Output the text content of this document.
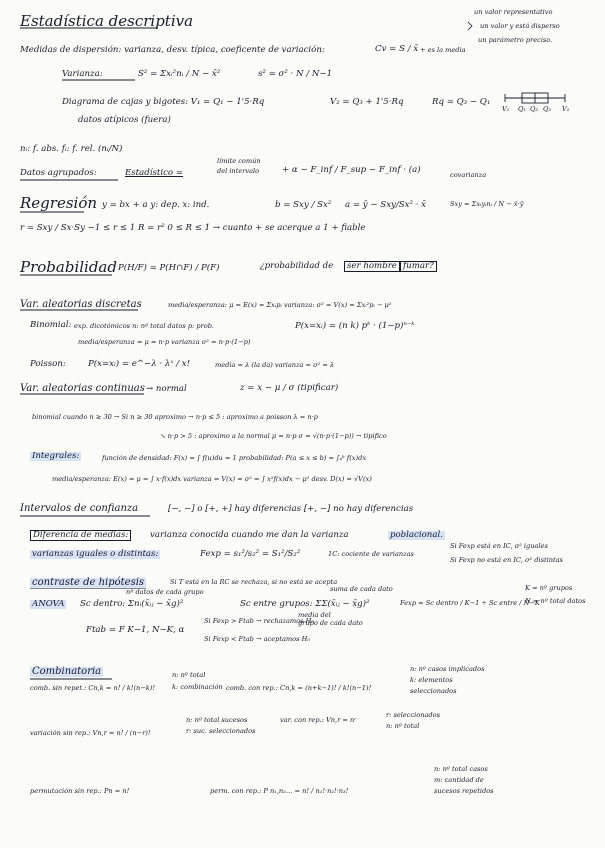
Estadística descriptiva	un valor representativo
un valor y está disperso
un parámetro preciso.
Medidas de dispersión: varianza, desv. típica, coeficente de variación:	Cv = S / x̄ + es la media
Varianza:	S² = Σxᵢ²nᵢ / N − x̄²	s² = σ² · N / N−1
Diagrama de cajas y bigotes: V₁ = Q₁ − 1'5·Rq	V₂ = Q₃ + 1'5·Rq	Rq = Q₃ − Q₁
V₁ Q₁ Q₂ Q₃ V₂
datos atípicos (fuera)
nᵢ: f. abs. fᵢ: f. rel. (nᵢ/N)
Datos agrupados:	Estadístico =
límite común
del intervalo	+ α − F_inf / F_sup − F_inf · (a)
Regresión y = bx + a y: dep. x: ind.	b = Sxy / Sx² a = ȳ − Sxy/Sx² · x̄
covarianza
Sxy = Σxᵢyᵢnᵢ / N − x̄·ȳ
r = Sxy / Sx·Sy −1 ≤ r ≤ 1 R = r² 0 ≤ R ≤ 1 → cuanto + se acerque a 1 + fiable
Probabilidad P(H/F) = P(H∩F) / P(F)	¿probabilidad de	ser hombre fumar?
Var. aleatorias discretas	media/esperanza: μ = E(x) = Σxᵢpᵢ varianza: σ² = V(x) = Σxᵢ²pᵢ − μ²
Binomial: exp. dicotómicos n: nº total datos p: prob.	P(x=xᵢ) = (n k) pᵏ · (1−p)ⁿ⁻ᵏ
media/esperanza = μ = n·p varianza σ² = n·p·(1−p)
Poisson:	P(x=xᵢ) = e^−λ · λˣ / x!	media = λ (la da) varianza = σ² = λ
Var. aleatorias continuas → normal	z = x − μ / σ (tipificar)
binomial cuando n ≥ 30 → Si n ≥ 30 aproximo → n·p ≤ 5 : aproximo a poisson λ = n·p
↘ n·p > 5 : aproximo a la normal μ = n·p σ = √(n·p·(1−p)) → tipifico
Integrales:	función de densidad: F(x) = ∫ f(u)du = 1 probabilidad: P(a ≤ x ≤ b) = ∫ₐᵇ f(x)dx
media/esperanza: E(x) = μ = ∫ x·f(x)dx varianza = V(x) = σ² = ∫ x²f(x)dx − μ² desv. D(x) = √V(x)
Intervalos de confianza	[−, −] o [+, +] hay diferencias [+, −] no hay diferencias
Diferencia de medias:	varianza conocida cuando me dan la varianza	poblacional.
varianzas iguales o distintas:	Fexp = s₁²/s₂² = S₁²/S₂²	1C: cociente de varianzas
Si Fexp está en IC, σ² iguales
Si Fexp no está en IC, σ² distintas
contraste de hipótesis	Si T está en la RC se rechaza, si no está se acepta
ANOVA Sc dentro: Σnᵢ(x̄ᵢⱼ − x̄g)²
nº datos de cada grupo
Sc entre grupos: ΣΣ(x̄ᵢⱼ − x̄g)²
suma de cada dato
media del
grupo de cada dato
Fexp = Sc dentro / K−1 ÷ Sc entre / N−K
K = nº grupos
N = nº total datos
Ftab = F K−1, N−K, α
Si Fexp > Ftab → rechazamos H₀
Si Fexp < Ftab → aceptamos H₀
Combinatoria
comb. sin repet.: Cn,k = n! / k!(n−k)!
n: nº total
k: combinación comb. con rep.: Cn,k = (n+k−1)! / k!(n−1)!
n: nº casos implicados
k: elementos
seleccionados
variación sin rep.: Vn,r = n! / (n−r)!
n: nº total sucesos
r: suc. seleccionados
var. con rep.: Vn,r = nʳ
r: seleccionados
n: nº total
permutación sin rep.: Pn = n!	perm. con rep.: P n₁,n₂… = n! / n₁!·n₂!·n₃!
n: nº total casos
m: cantidad de
sucesos repetidos
